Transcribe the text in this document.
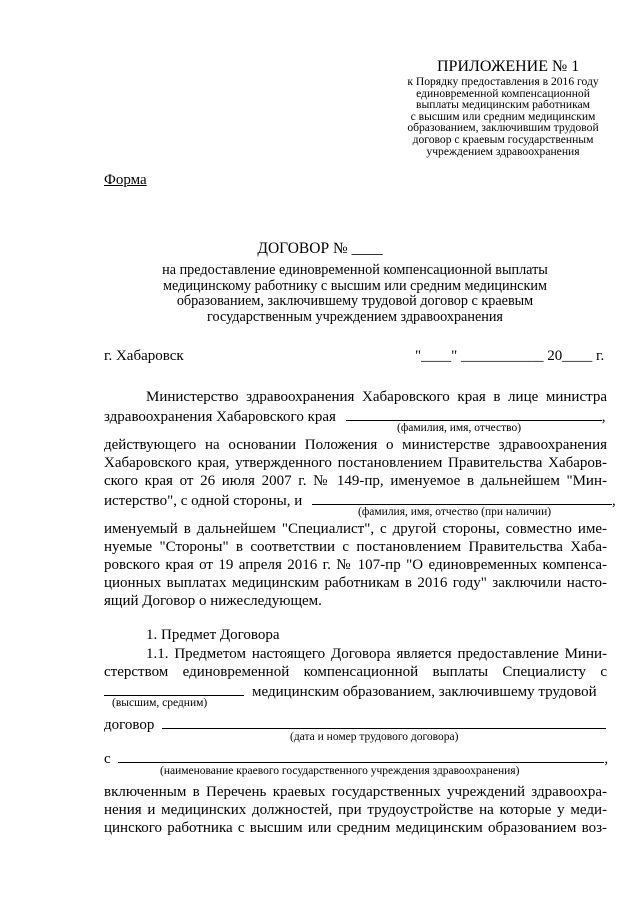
ПРИЛОЖЕНИЕ № 1
к Порядку предоставления в 2016 году
единовременной компенсационной
выплаты медицинским работникам
с высшим или средним медицинским
образованием, заключившим трудовой
договор с краевым государственным
учреждением здравоохранения
Форма
ДОГОВОР № ____
на предоставление единовременной компенсационной выплаты
медицинскому работнику с высшим или средним медицинским
образованием, заключившему трудовой договор с краевым
государственным учреждением здравоохранения
г. Хабаровск	"____" ___________ 20____ г.
Министерство здравоохранения Хабаровского края в лице министра
здравоохранения Хабаровского края	,
(фамилия, имя, отчество)
действующего на основании Положения о министерстве здравоохранения
Хабаровского края, утвержденного постановлением Правительства Хабаров-
ского края от 26 июля 2007 г. № 149-пр, именуемое в дальнейшем "Мин-
истерство", с одной стороны, и	,
(фамилия, имя, отчество (при наличии)
именуемый в дальнейшем "Специалист", с другой стороны, совместно име-
нуемые "Стороны" в соответствии с постановлением Правительства Хаба-
ровского края от 19 апреля 2016 г. № 107-пр "О единовременных компенса-
ционных выплатах медицинским работникам в 2016 году" заключили насто-
ящий Договор о нижеследующем.
1. Предмет Договора
1.1. Предметом настоящего Договора является предоставление Мини-
стерством единовременной компенсационной выплаты Специалисту с
медицинским образованием, заключившему трудовой
(высшим, средним)
договор
(дата и номер трудового договора)
с	,
(наименование краевого государственного учреждения здравоохранения)
включенным в Перечень краевых государственных учреждений здравоохра-
нения и медицинских должностей, при трудоустройстве на которые у меди-
цинского работника с высшим или средним медицинским образованием воз-
